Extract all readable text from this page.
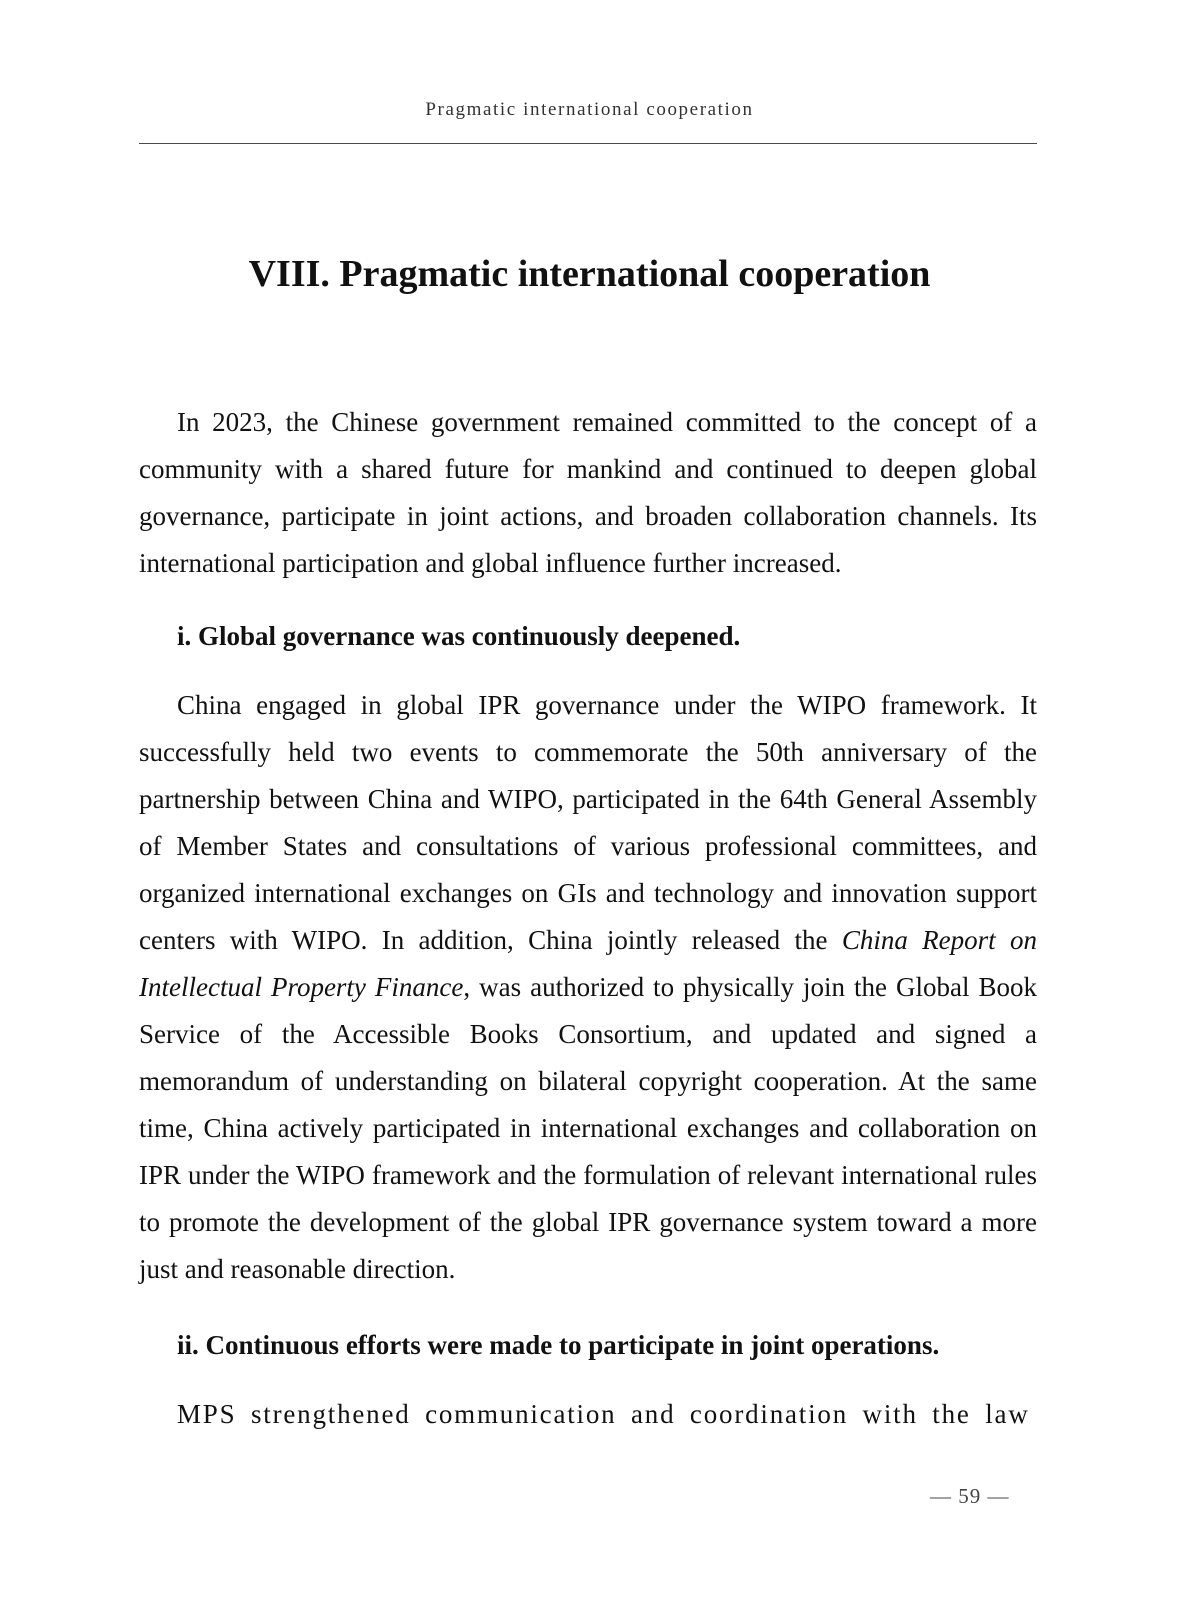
Pragmatic international cooperation
VIII. Pragmatic international cooperation

In 2023, the Chinese government remained committed to the concept of a community with a shared future for mankind and continued to deepen global governance, participate in joint actions, and broaden collaboration channels. Its international participation and global influence further increased.

i. Global governance was continuously deepened.

China engaged in global IPR governance under the WIPO framework. It successfully held two events to commemorate the 50th anniversary of the partnership between China and WIPO, participated in the 64th General Assembly of Member States and consultations of various professional committees, and organized international exchanges on GIs and technology and innovation support centers with WIPO. In addition, China jointly released the China Report on Intellectual Property Finance, was authorized to physically join the Global Book Service of the Accessible Books Consortium, and updated and signed a memorandum of understanding on bilateral copyright cooperation. At the same time, China actively participated in international exchanges and collaboration on IPR under the WIPO framework and the formulation of relevant international rules to promote the development of the global IPR governance system toward a more just and reasonable direction.

ii. Continuous efforts were made to participate in joint operations.

MPS strengthened communication and coordination with the law

— 59 —
